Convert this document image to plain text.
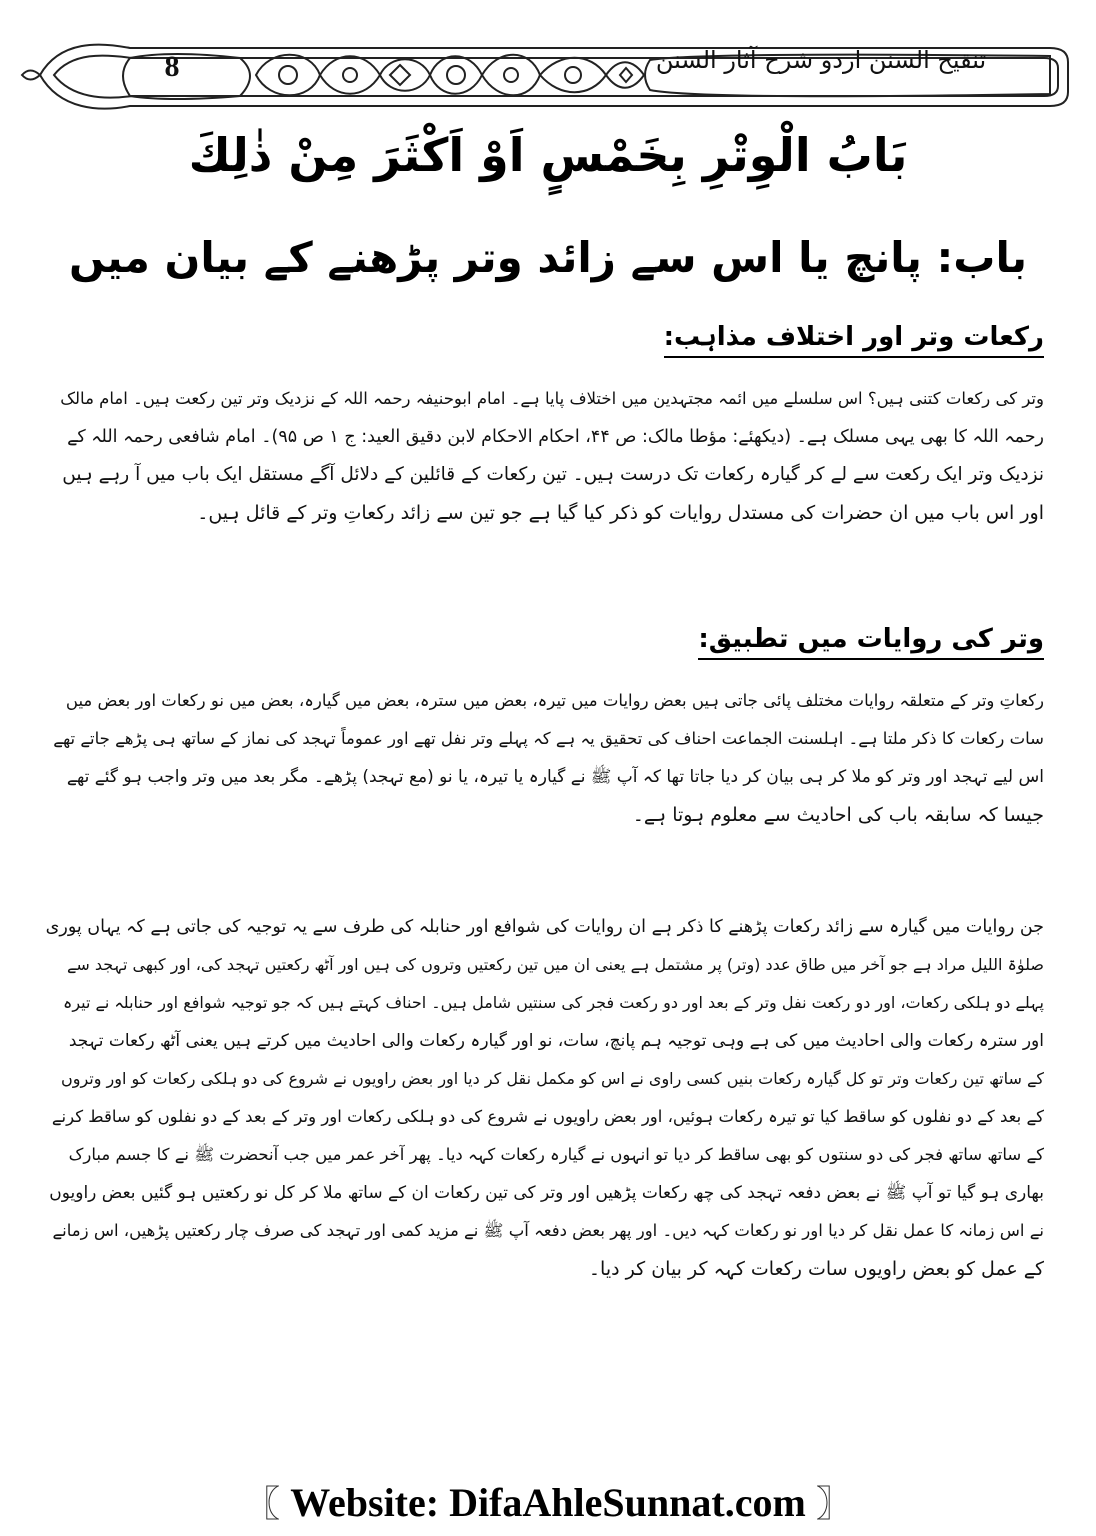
8	تنقیح السنن اردو شرح آثار السنن
بَابُ الْوِتْرِ بِخَمْسٍ اَوْ اَكْثَرَ مِنْ ذٰلِكَ
باب: پانچ یا اس سے زائد وتر پڑھنے کے بیان میں
رکعات وتر اور اختلاف مذاہب:
وتر کی رکعات کتنی ہیں؟ اس سلسلے میں ائمہ مجتہدین میں اختلاف پایا ہے۔ امام ابوحنیفہ رحمہ اللہ کے نزدیک وتر تین رکعت ہیں۔ امام مالک
رحمہ اللہ کا بھی یہی مسلک ہے۔ (دیکھئے: مؤطا مالک: ص ۴۴، احکام الاحکام لابن دقیق العید: ج ۱ ص ۹۵)۔ امام شافعی رحمہ اللہ کے
نزدیک وتر ایک رکعت سے لے کر گیارہ رکعات تک درست ہیں۔ تین رکعات کے قائلین کے دلائل آگے مستقل ایک باب میں آ رہے ہیں
اور اس باب میں ان حضرات کی مستدل روایات کو ذکر کیا گیا ہے جو تین سے زائد رکعاتِ وتر کے قائل ہیں۔
وتر کی روایات میں تطبیق:
رکعاتِ وتر کے متعلقہ روایات مختلف پائی جاتی ہیں بعض روایات میں تیرہ، بعض میں سترہ، بعض میں گیارہ، بعض میں نو رکعات اور بعض میں
سات رکعات کا ذکر ملتا ہے۔ اہلسنت الجماعت احناف کی تحقیق یہ ہے کہ پہلے وتر نفل تھے اور عموماً تہجد کی نماز کے ساتھ ہی پڑھے جاتے تھے
اس لیے تہجد اور وتر کو ملا کر ہی بیان کر دیا جاتا تھا کہ آپ ﷺ نے گیارہ یا تیرہ، یا نو (مع تہجد) پڑھے۔ مگر بعد میں وتر واجب ہو گئے تھے
جیسا کہ سابقہ باب کی احادیث سے معلوم ہوتا ہے۔
جن روایات میں گیارہ سے زائد رکعات پڑھنے کا ذکر ہے ان روایات کی شوافع اور حنابلہ کی طرف سے یہ توجیہ کی جاتی ہے کہ یہاں پوری
صلوٰۃ اللیل مراد ہے جو آخر میں طاق عدد (وتر) پر مشتمل ہے یعنی ان میں تین رکعتیں وتروں کی ہیں اور آٹھ رکعتیں تہجد کی، اور کبھی تہجد سے
پہلے دو ہلکی رکعات، اور دو رکعت نفل وتر کے بعد اور دو رکعت فجر کی سنتیں شامل ہیں۔ احناف کہتے ہیں کہ جو توجیہ شوافع اور حنابلہ نے تیرہ
اور سترہ رکعات والی احادیث میں کی ہے وہی توجیہ ہم پانچ، سات، نو اور گیارہ رکعات والی احادیث میں کرتے ہیں یعنی آٹھ رکعات تہجد
کے ساتھ تین رکعات وتر تو کل گیارہ رکعات بنیں کسی راوی نے اس کو مکمل نقل کر دیا اور بعض راویوں نے شروع کی دو ہلکی رکعات کو اور وتروں
کے بعد کے دو نفلوں کو ساقط کیا تو تیرہ رکعات ہوئیں، اور بعض راویوں نے شروع کی دو ہلکی رکعات اور وتر کے بعد کے دو نفلوں کو ساقط کرنے
کے ساتھ ساتھ فجر کی دو سنتوں کو بھی ساقط کر دیا تو انہوں نے گیارہ رکعات کہہ دیا۔ پھر آخر عمر میں جب آنحضرت ﷺ نے کا جسم مبارک
بھاری ہو گیا تو آپ ﷺ نے بعض دفعہ تہجد کی چھ رکعات پڑھیں اور وتر کی تین رکعات ان کے ساتھ ملا کر کل نو رکعتیں ہو گئیں بعض راویوں
نے اس زمانہ کا عمل نقل کر دیا اور نو رکعات کہہ دیں۔ اور پھر بعض دفعہ آپ ﷺ نے مزید کمی اور تہجد کی صرف چار رکعتیں پڑھیں، اس زمانے
کے عمل کو بعض راویوں سات رکعات کہہ کر بیان کر دیا۔
〖 Website: DifaAhleSunnat.com 〗
